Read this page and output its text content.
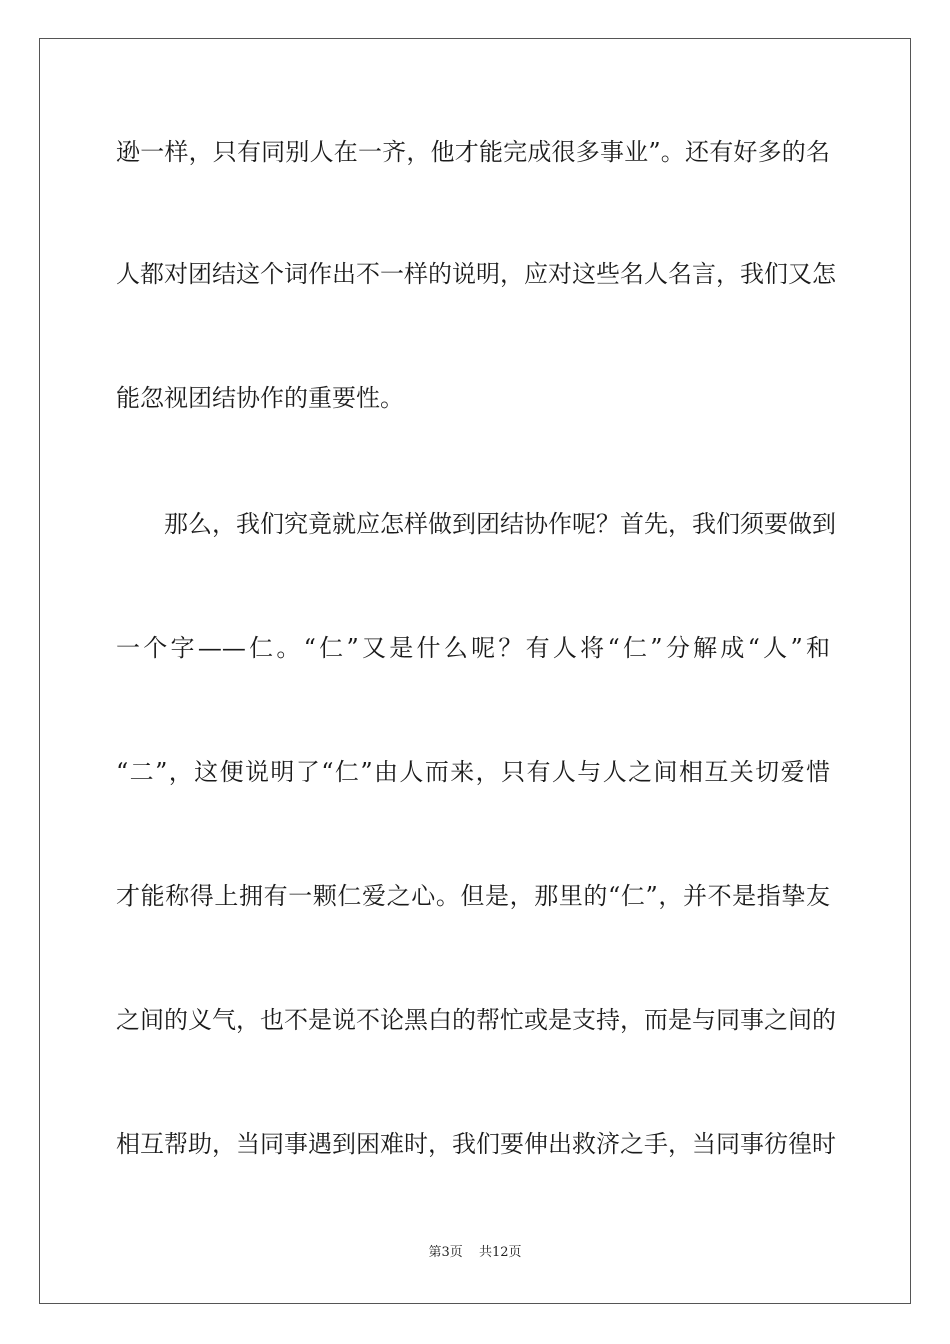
逊一样，只有同别人在一齐，他才能完成很多事业”。还有好多的名
人都对团结这个词作出不一样的说明，应对这些名人名言，我们又怎
能忽视团结协作的重要性。
那么，我们究竟就应怎样做到团结协作呢？首先，我们须要做到
一个字——仁。“仁”又是什么呢？有人将“仁”分解成“人”和
“二”，这便说明了“仁”由人而来，只有人与人之间相互关切爱惜
才能称得上拥有一颗仁爱之心。但是，那里的“仁”，并不是指挚友
之间的义气，也不是说不论黑白的帮忙或是支持，而是与同事之间的
相互帮助，当同事遇到困难时，我们要伸出救济之手，当同事彷徨时
第3页 共12页
